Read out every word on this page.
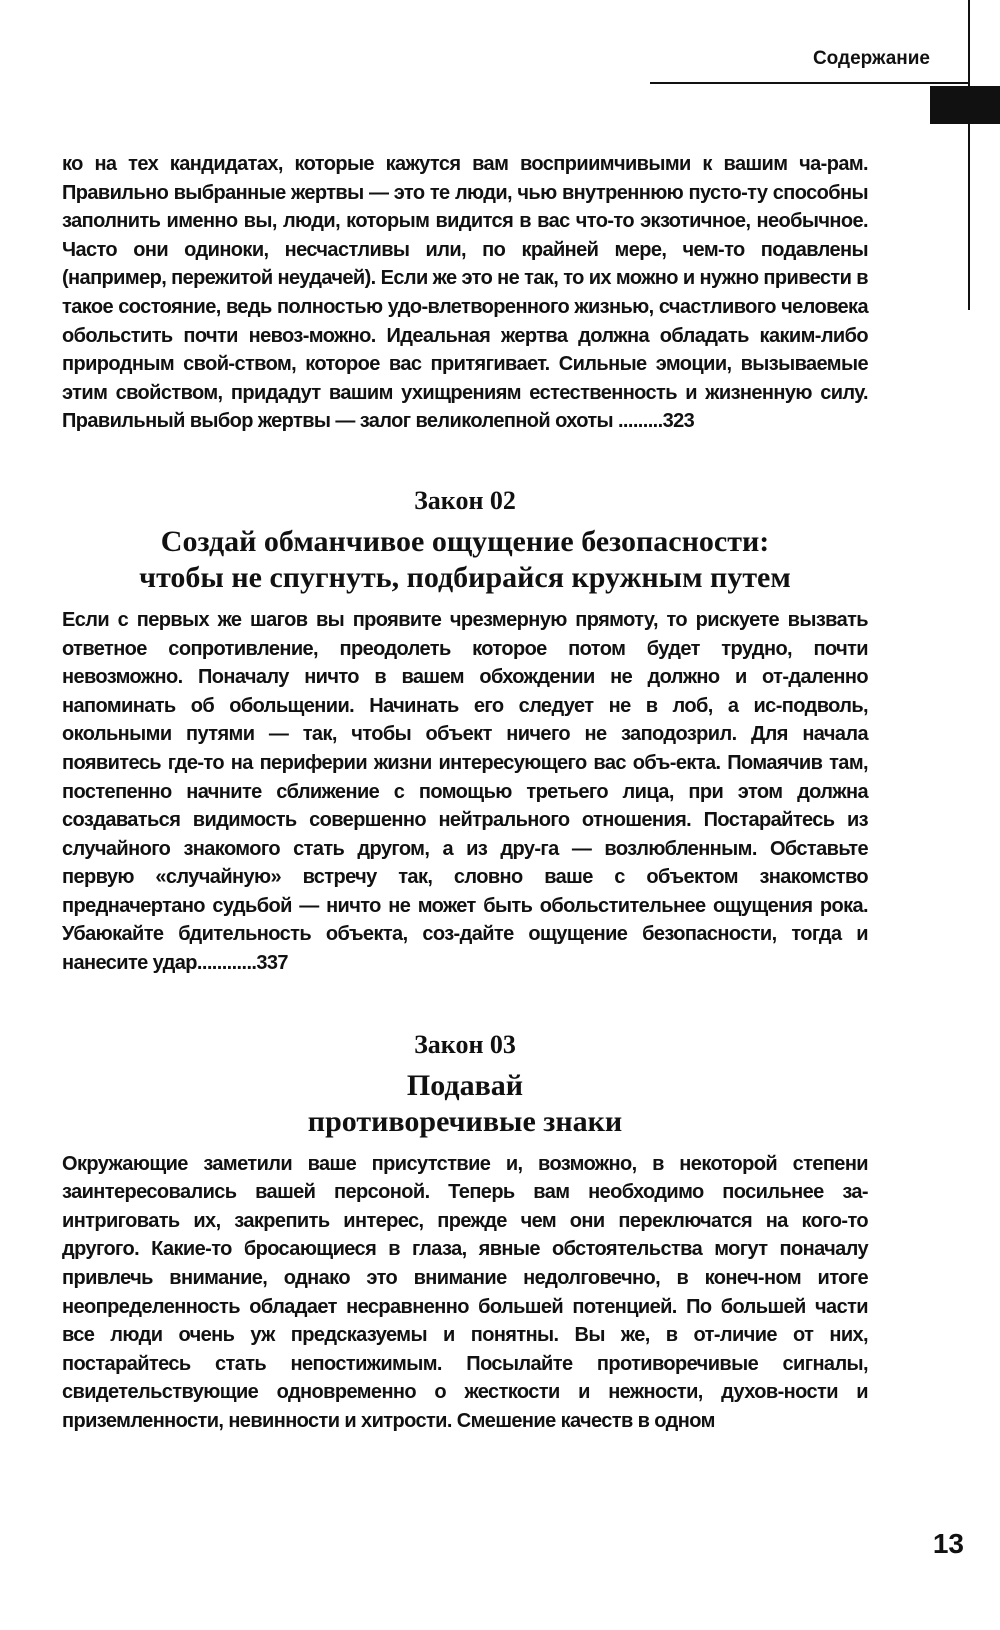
Содержание

ко на тех кандидатах, которые кажутся вам восприимчивыми к вашим ча-рам. Правильно выбранные жертвы — это те люди, чью внутреннюю пусто-ту способны заполнить именно вы, люди, которым видится в вас что-то экзотичное, необычное. Часто они одиноки, несчастливы или, по крайней мере, чем-то подавлены (например, пережитой неудачей). Если же это не так, то их можно и нужно привести в такое состояние, ведь полностью удо-влетворенного жизнью, счастливого человека обольстить почти невоз-можно. Идеальная жертва должна обладать каким-либо природным свой-ством, которое вас притягивает. Сильные эмоции, вызываемые этим свойством, придадут вашим ухищрениям естественность и жизненную силу. Правильный выбор жертвы — залог великолепной охоты .........323

Закон 02
Создай обманчивое ощущение безопасности:
чтобы не спугнуть, подбирайся кружным путем

Если с первых же шагов вы проявите чрезмерную прямоту, то рискуете вызвать ответное сопротивление, преодолеть которое потом будет трудно, почти невозможно. Поначалу ничто в вашем обхождении не должно и от-даленно напоминать об обольщении. Начинать его следует не в лоб, а ис-подволь, окольными путями — так, чтобы объект ничего не заподозрил. Для начала появитесь где-то на периферии жизни интересующего вас объ-екта. Помаячив там, постепенно начните сближение с помощью третьего лица, при этом должна создаваться видимость совершенно нейтрального отношения. Постарайтесь из случайного знакомого стать другом, а из дру-га — возлюбленным. Обставьте первую «случайную» встречу так, словно ваше с объектом знакомство предначертано судьбой — ничто не может быть обольстительнее ощущения рока. Убаюкайте бдительность объекта, соз-дайте ощущение безопасности, тогда и нанесите удар............337

Закон 03
Подавай
противоречивые знаки

Окружающие заметили ваше присутствие и, возможно, в некоторой степени заинтересовались вашей персоной. Теперь вам необходимо посильнее за-интриговать их, закрепить интерес, прежде чем они переключатся на кого-то другого. Какие-то бросающиеся в глаза, явные обстоятельства могут поначалу привлечь внимание, однако это внимание недолговечно, в конеч-ном итоге неопределенность обладает несравненно большей потенцией. По большей части все люди очень уж предсказуемы и понятны. Вы же, в от-личие от них, постарайтесь стать непостижимым. Посылайте противоречивые сигналы, свидетельствующие одновременно о жесткости и нежности, духов-ности и приземленности, невинности и хитрости. Смешение качеств в одном

13
